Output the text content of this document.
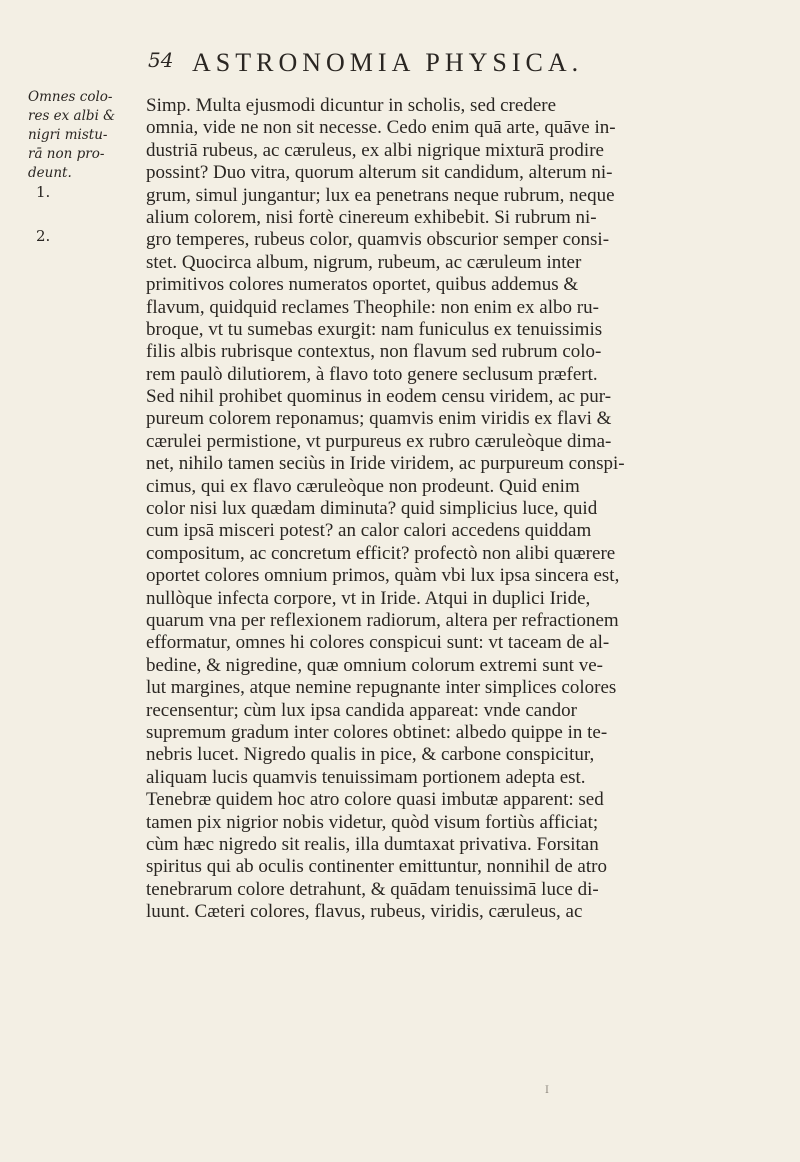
54 ASTRONOMIA PHYSICA.
Omnes colo-
res ex albi &
nigri mistu-
rā non pro-
deunt.
1.
2.
Simp. Multa ejusmodi dicuntur in scholis, sed credere
omnia, vide ne non sit necesse. Cedo enim quā arte, quāve in-
dustriā rubeus, ac cæruleus, ex albi nigrique mixturā prodire
possint? Duo vitra, quorum alterum sit candidum, alterum ni-
grum, simul jungantur; lux ea penetrans neque rubrum, neque
alium colorem, nisi fortè cinereum exhibebit. Si rubrum ni-
gro temperes, rubeus color, quamvis obscurior semper consi-
stet. Quocirca album, nigrum, rubeum, ac cæruleum inter
primitivos colores numeratos oportet, quibus addemus &
flavum, quidquid reclames Theophile: non enim ex albo ru-
broque, vt tu sumebas exurgit: nam funiculus ex tenuissimis
filis albis rubrisque contextus, non flavum sed rubrum colo-
rem paulò dilutiorem, à flavo toto genere seclusum præfert.
Sed nihil prohibet quominus in eodem censu viridem, ac pur-
pureum colorem reponamus; quamvis enim viridis ex flavi &
cærulei permistione, vt purpureus ex rubro cæruleòque dima-
net, nihilo tamen seciùs in Iride viridem, ac purpureum conspi-
cimus, qui ex flavo cæruleòque non prodeunt. Quid enim
color nisi lux quædam diminuta? quid simplicius luce, quid
cum ipsā misceri potest? an calor calori accedens quiddam
compositum, ac concretum efficit? profectò non alibi quærere
oportet colores omnium primos, quàm vbi lux ipsa sincera est,
nullòque infecta corpore, vt in Iride. Atqui in duplici Iride,
quarum vna per reflexionem radiorum, altera per refractionem
efformatur, omnes hi colores conspicui sunt: vt taceam de al-
bedine, & nigredine, quæ omnium colorum extremi sunt ve-
lut margines, atque nemine repugnante inter simplices colores
recensentur; cùm lux ipsa candida appareat: vnde candor
supremum gradum inter colores obtinet: albedo quippe in te-
nebris lucet. Nigredo qualis in pice, & carbone conspicitur,
aliquam lucis quamvis tenuissimam portionem adepta est.
Tenebræ quidem hoc atro colore quasi imbutæ apparent: sed
tamen pix nigrior nobis videtur, quòd visum fortiùs afficiat;
cùm hæc nigredo sit realis, illa dumtaxat privativa. Forsitan
spiritus qui ab oculis continenter emittuntur, nonnihil de atro
tenebrarum colore detrahunt, & quādam tenuissimā luce di-
luunt. Cæteri colores, flavus, rubeus, viridis, cæruleus, ac
I
